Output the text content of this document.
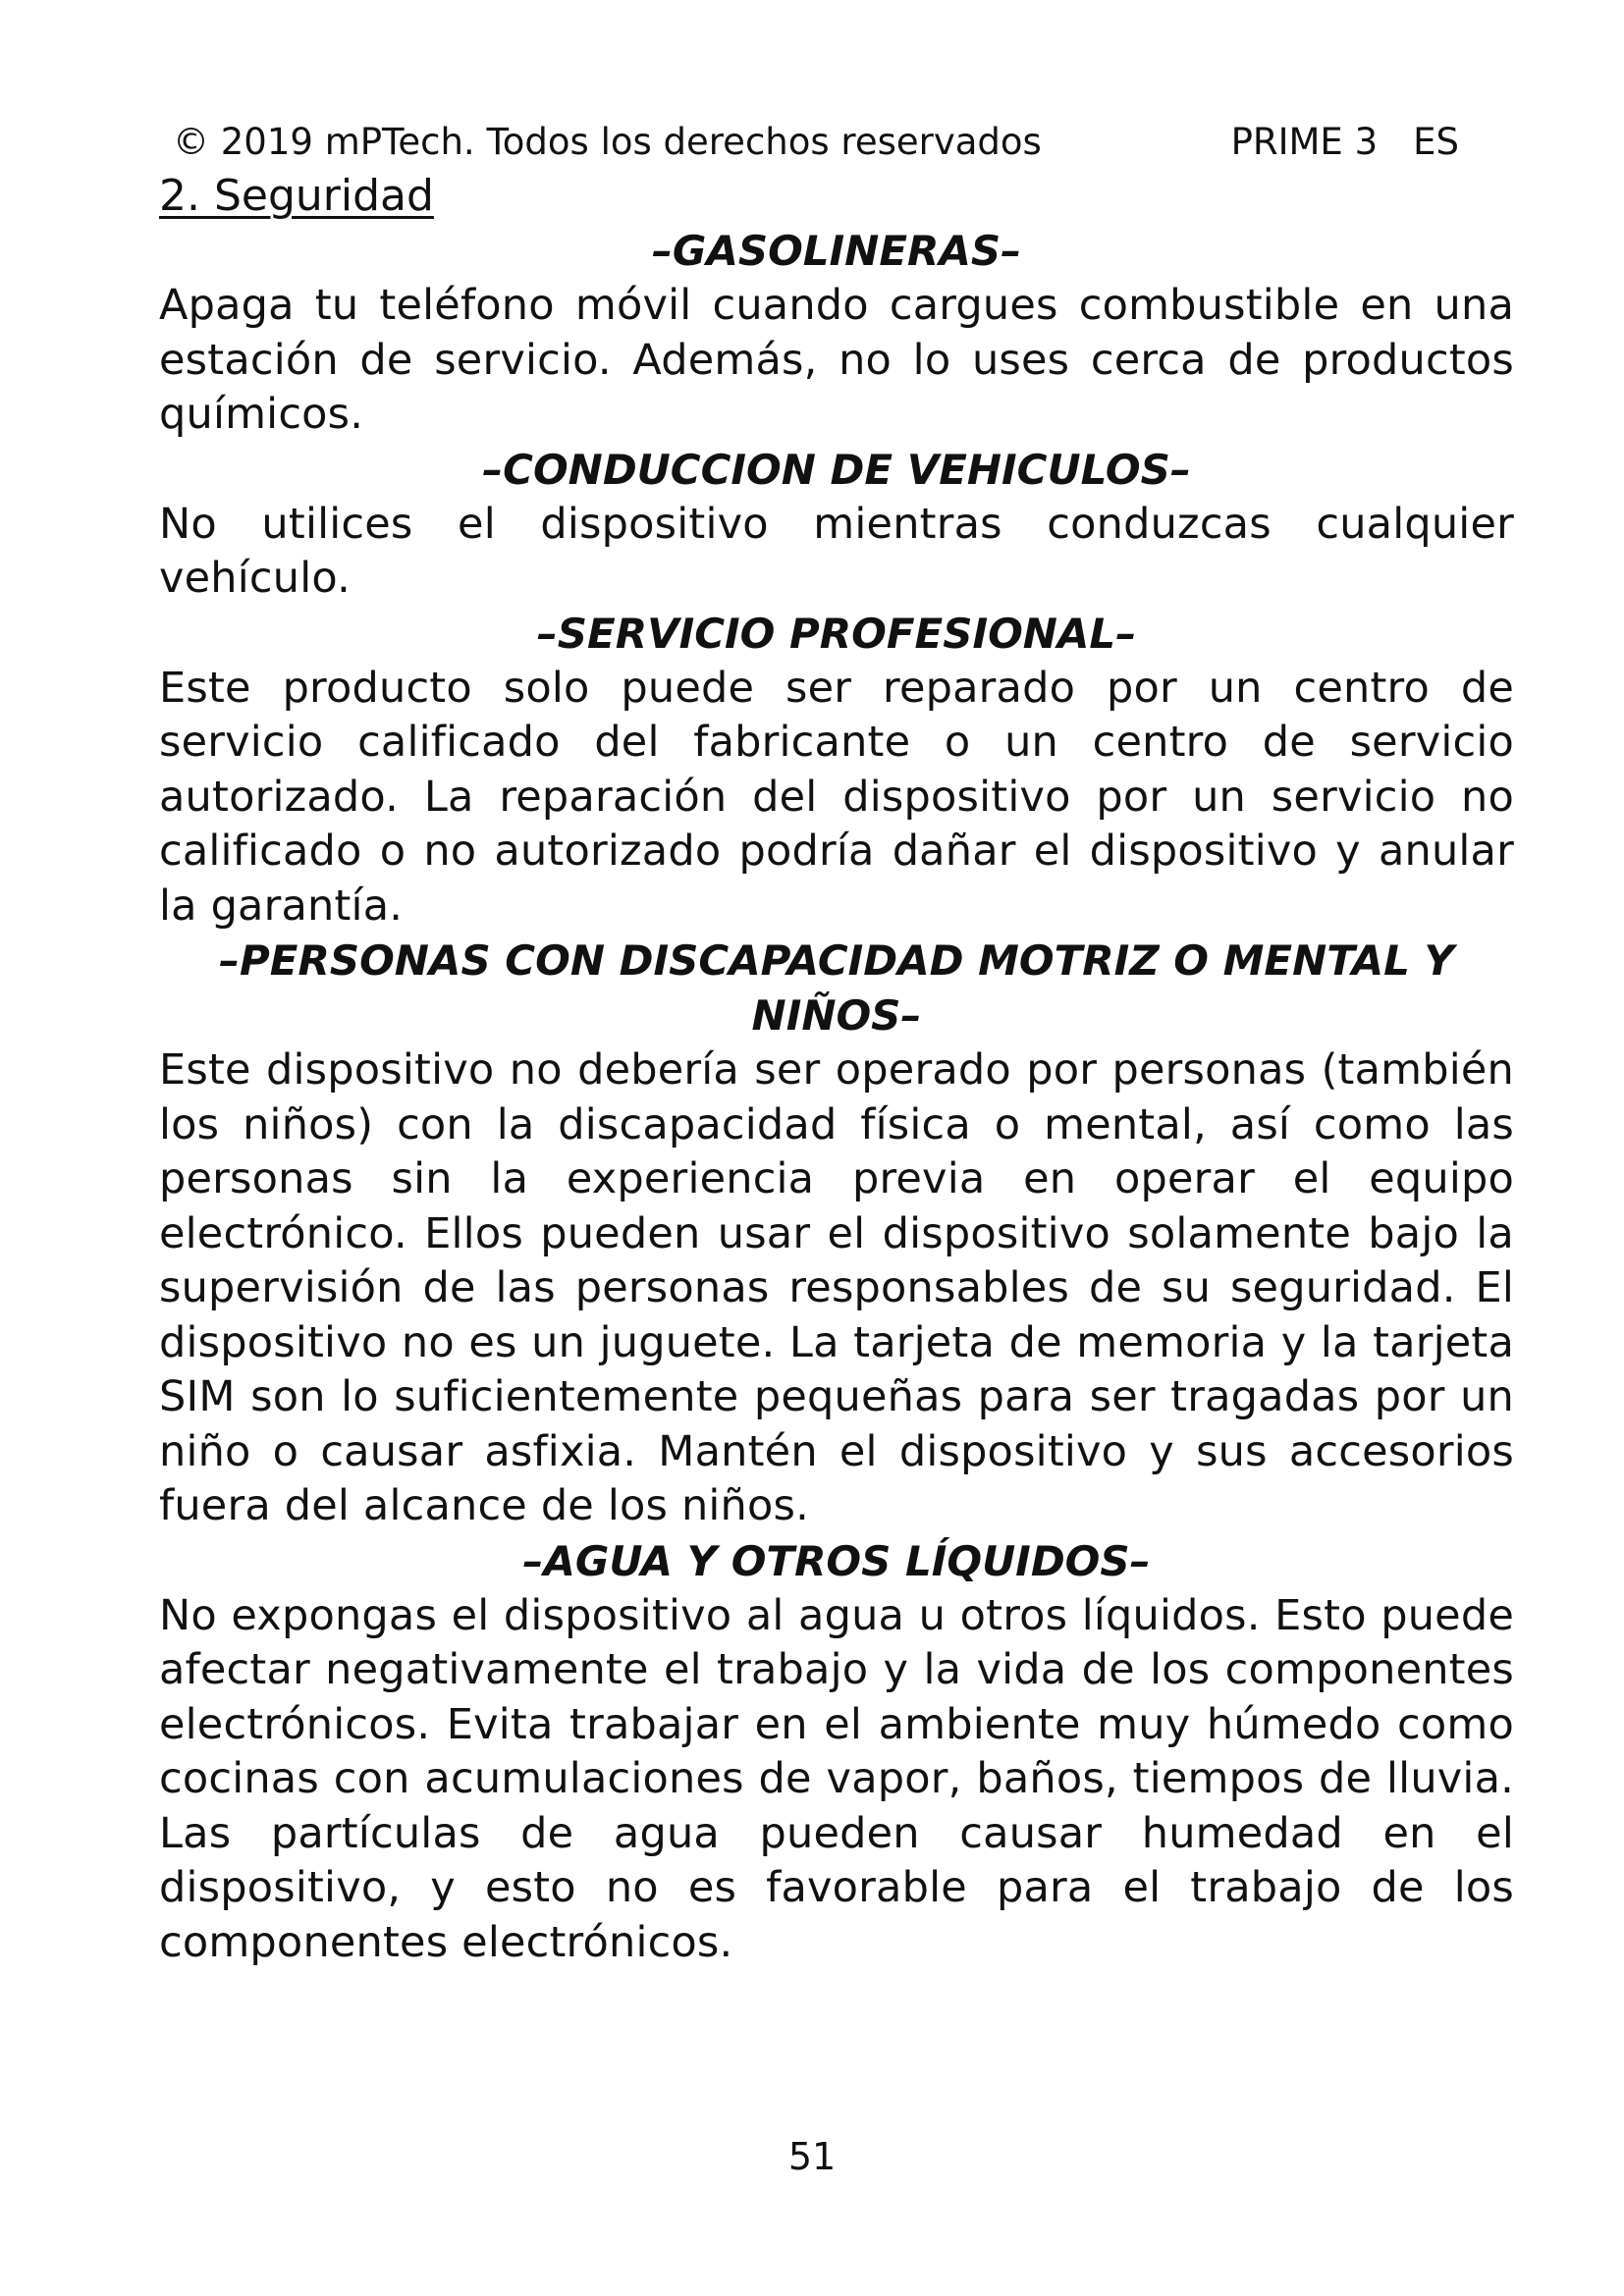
© 2019 mPTech. Todos los derechos reservados	PRIME 3 ES
2. Seguridad
–GASOLINERAS–

Apaga tu teléfono móvil cuando cargues combustible en una estación de servicio. Además, no lo uses cerca de productos químicos.

–CONDUCCION DE VEHICULOS–

No utilices el dispositivo mientras conduzcas cualquier vehículo.

–SERVICIO PROFESIONAL–

Este producto solo puede ser reparado por un centro de servicio calificado del fabricante o un centro de servicio autorizado. La reparación del dispositivo por un servicio no calificado o no autorizado podría dañar el dispositivo y anular la garantía.

–PERSONAS CON DISCAPACIDAD MOTRIZ O MENTAL Y NIÑOS–

Este dispositivo no debería ser operado por personas (también los niños) con la discapacidad física o mental, así como las personas sin la experiencia previa en operar el equipo electrónico. Ellos pueden usar el dispositivo solamente bajo la supervisión de las personas responsables de su seguridad. El dispositivo no es un juguete. La tarjeta de memoria y la tarjeta SIM son lo suficientemente pequeñas para ser tragadas por un niño o causar asfixia. Mantén el dispositivo y sus accesorios fuera del alcance de los niños.

–AGUA Y OTROS LÍQUIDOS–

No expongas el dispositivo al agua u otros líquidos. Esto puede afectar negativamente el trabajo y la vida de los componentes electrónicos. Evita trabajar en el ambiente muy húmedo como cocinas con acumulaciones de vapor, baños, tiempos de lluvia. Las partículas de agua pueden causar humedad en el dispositivo, y esto no es favorable para el trabajo de los componentes electrónicos.

51
